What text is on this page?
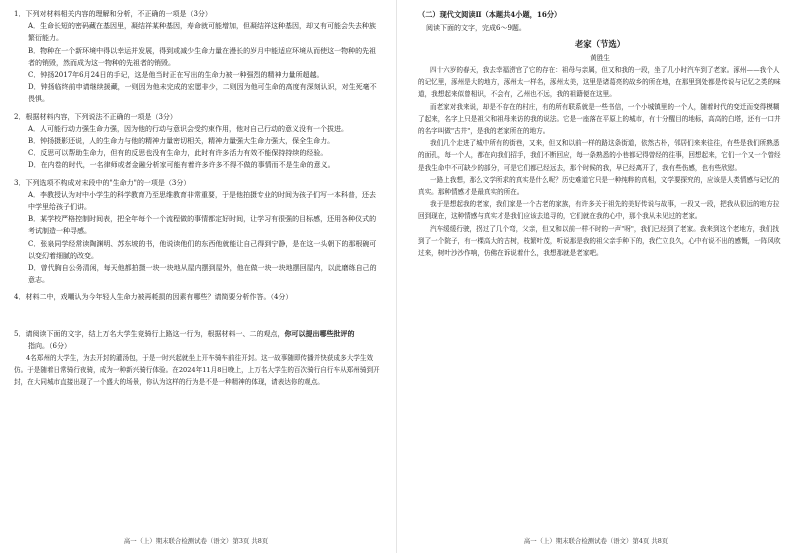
1．下列对材料相关内容的理解和分析，不正确的一项是（3分）

A．生命长短的密码藏在基因里，凝结祥某种基因，寿命就可能增加，但凝结祥这种基因，却又有可能会失去种族繁衍能力。

B．物种在一个新环境中得以幸运并发展，得到或减少生命力量在漫长的岁月中能适应环境从而使这一物种的先祖者的销毁，然而成为这一物种的先祖者的销毁。

C．钟扬2017年6月24日的手记，这是他当时正在写出的生命力被一种强烈的精神力量所超越。

D．钟扬临终前申请继续援藏，一则因为他未完成的宏愿非少，二则因为他可生命的高度有深刻认识，对生死毫不畏惧。

2．根据材料内容，下列说法不正确的一项是（3分）

A．人可能行动力强生命力强，因为他的行动与意识会受约束作用，他对自己行动的意义没有一个拔进。

B．钟扬摄影还说，人的生命力与他的精神力量密切相关，精神力量强大生命力强大，保全生命力。

C．反思可以帮助生命力，但有的反思也没有生命力，此时有许多活力有效不能保持持续的经验。

D．在内卷的时代，一名律师或者金融分析家可能有着许多许多不得不做的事情而不是生命的意义。

3．下列选项不构成对末段中的"生命力"的一项是（3分）

A．李教授认为对中小学生的科学教育乃至思维教育非常重要，于是他拍摄专业的时间为孩子们写一本科普，还去中学里给孩子们讲。

B．某学校严格控制时间表，把全年每个一个流程做的事情都定好时间，让学习有很强的目标感，还用各种仪式的考试制造一种寻感。

C．张泉同学经常读陶渊明、苏东坡的书，他说读他们的东西他就能让自己得到宁静，是在这一头朝下的那根碗可以变幻着细腻的改变。

D．曾代胸自公务清闲，每天他都拍摄一块一块地从屋内摆到屋外，他在做一块一块地摆回屋内，以此磨练自己的意志。

4．材料二中，戏嘲认为今年轻人生命力被再耗损的因素有哪些？请简要分析作答。（4分）

5．请阅读下面的文字，结上万名大学生竞骑行上路这一行为，根据材料一、二的观点，你可以提出哪些批评的

指向。（6分）

4名郑州的大学生，为去开封的灌汤包，于是一时兴起就坐上开车骑车前往开封。这一故事随即传播并快获成多大学生效仿。于是随着日常骑行夜骑，成为一种新兴骑行体验。在2024年11月8日晚上，上万名大学生的百次骑行自行车从郑州骑到开封，在大同城市直接出现了一个盛大的场景，你认为这样的行为是不是一种精神的体现，请表达你的观点。

高一（上）期末联合检测试卷（语文）第3页 共8页

（二）现代文阅读Ⅱ（本题共4小题，16分）

阅读下面的文字，完成6～9题。

老家（节选）

黄胜生

四十六岁的春天，我去幸福涝官了它的存在：祖母与亲属，但又和我的一段，坐了几小时汽车到了老家。涿州——我个人的记忆里，涿州是大的地方，涿州太一样名，涿州太美，这里是诸葛亮的故乡的所在地，在那里到处都是传说与记忆之类的味道，我想起来似曾相识，不会有，乙州也不远，我的祖籍便在这里。

而老家对我来说，却是不存在的村庄，有的所有联系就是一些书信，一个小城镇里的一个人，随着时代的变迁而变得模糊了起来，名字上只是祖父和祖母来访的我的说法。它是一座落在平原上的城市，有十分醒目的地标，高高的白塔，还有一口井的名字叫做"古井"，是我的老家所在的地方。

我们几个走进了城中所有的街巷，又来，但又和以前一样的路这条街道，依然古朴，邻居们来来往往，有些是我们所熟悉的面孔，每一个人，都在向我们招手，我们不断回应，每一条熟悉的小巷都记得曾经的往事，回想起来，它们一个又一个曾经是我生命中不可缺少的部分，可是它们都已经远去，那个时候的我，早已经离开了，我有些伤感，也有些欣慰。

一路上我想，那么文学所求的真实是什么呢？历史难道它只是一种纯粹的真相，文学要探究的，应该是人类情感与记忆的真实。那种情感才是最真实的所在。

我于是想起我的老家，我们家是一个古老的家族，有许多关于祖先的美好传说与故事，一段又一段，把我从很远的地方拉回到现在，这种情感与真实才是我们应该去追寻的，它们就在我的心中，那个我从未见过的老家。

汽车缓缓行驶，拐过了几个弯，父亲，但又和以前一样不时的一声"呀"，我们已经到了老家。我来到这个老地方，我们找到了一个院子，有一棵高大的古树，枝繁叶茂，听说那是我的祖父亲手种下的，我伫立良久，心中有说不出的感慨，一阵风吹过来，树叶沙沙作响，仿佛在诉说着什么，我想那就是老家吧。

高一（上）期末联合检测试卷（语文）第4页 共8页
